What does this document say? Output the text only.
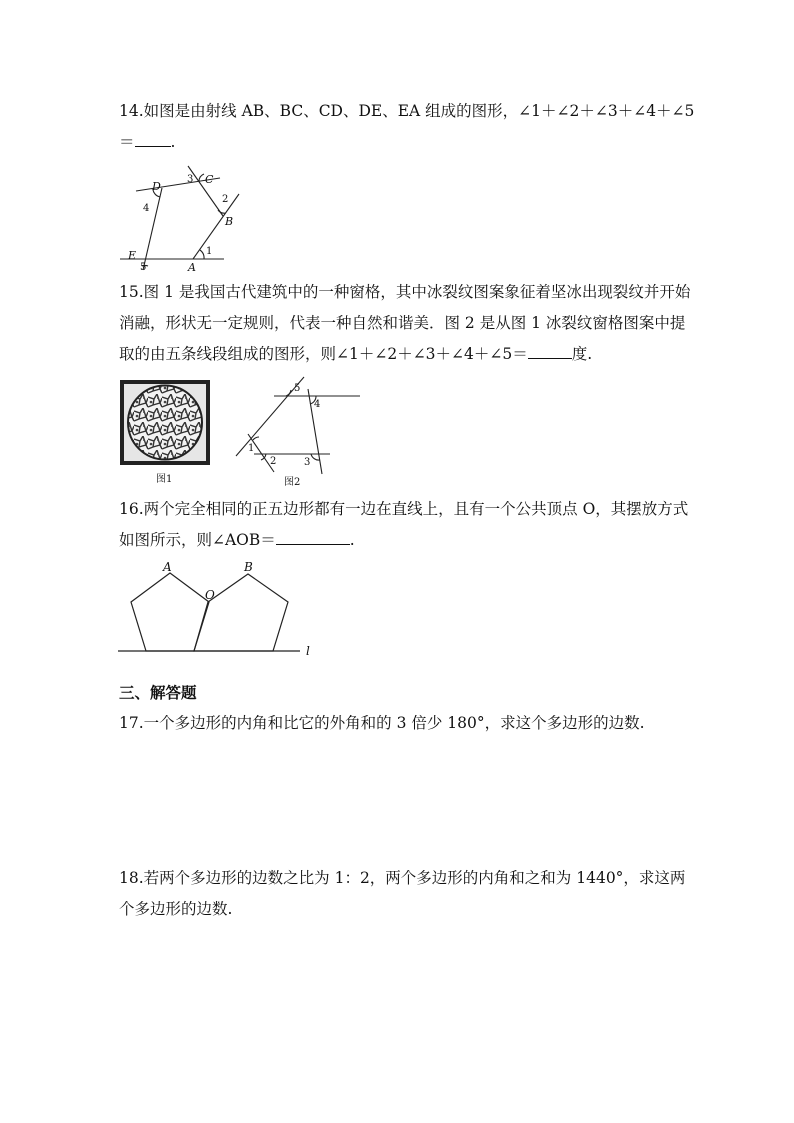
14.如图是由射线 AB、BC、CD、DE、EA 组成的图形，∠1＋∠2＋∠3＋∠4＋∠5
＝ .
D
C
B
A
E	1
2
3
4
5
15.图 1 是我国古代建筑中的一种窗格，其中冰裂纹图案象征着坚冰出现裂纹并开始
消融，形状无一定规则，代表一种自然和谐美．图 2 是从图 1 冰裂纹窗格图案中提
取的由五条线段组成的图形，则∠1＋∠2＋∠3＋∠4＋∠5＝	度.
图1
5
4
1
2	3
图2
16.两个完全相同的正五边形都有一边在直线上，且有一个公共顶点 O，其摆放方式
如图所示，则∠AOB＝	.
A	B
O
l
三、解答题
17.一个多边形的内角和比它的外角和的 3 倍少 180°，求这个多边形的边数.
18.若两个多边形的边数之比为 1：2，两个多边形的内角和之和为 1440°，求这两
个多边形的边数.
